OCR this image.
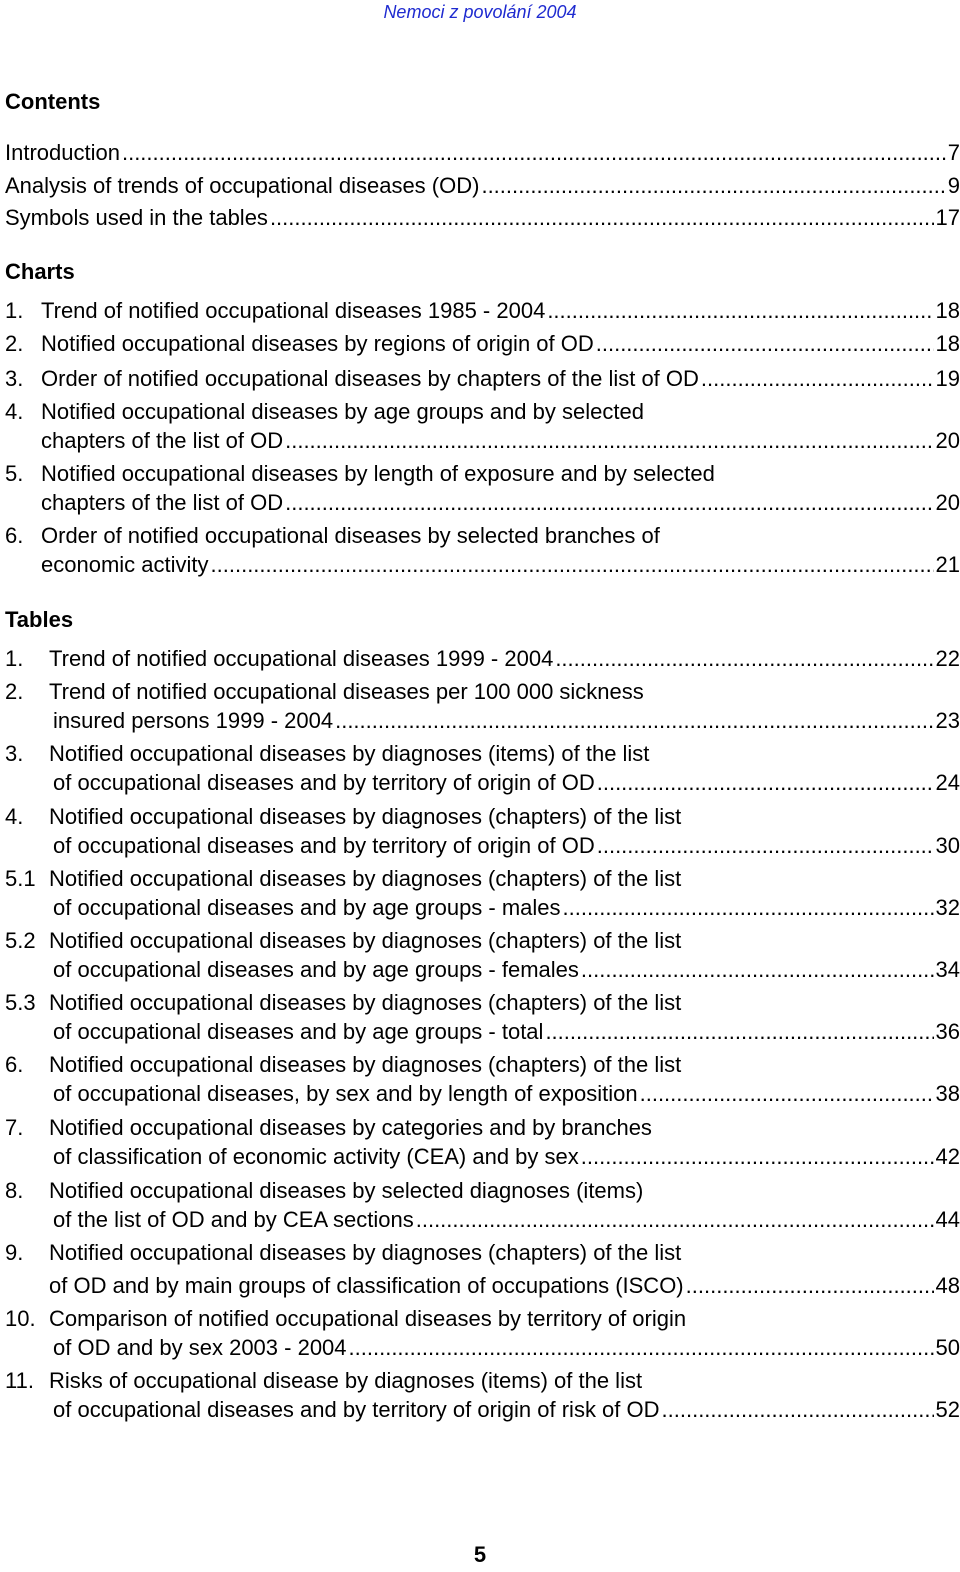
Nemoci z povolání 2004
Contents
Introduction .....	7
Analysis of trends of occupational diseases (OD) .....	9
Symbols used in the tables .....	17
Charts
1. Trend of notified occupational diseases 1985 - 2004 .....	18
2. Notified occupational diseases by regions of origin of OD .....	18
3. Order of notified occupational diseases by chapters of the list of OD .....	19
4. Notified occupational diseases by age groups and by selected
chapters of the list of OD .....	20
5. Notified occupational diseases by length of exposure and by selected
chapters of the list of OD .....	20
6. Order of notified occupational diseases by selected branches of
economic activity .....	21
Tables
1.	Trend of notified occupational diseases 1999 - 2004 .....	22
2. Trend of notified occupational diseases per 100 000 sickness
insured persons 1999 - 2004 .....	23
3. Notified occupational diseases by diagnoses (items) of the list
of occupational diseases and by territory of origin of OD .....	24
4. Notified occupational diseases by diagnoses (chapters) of the list
of occupational diseases and by territory of origin of OD .....	30
5.1 Notified occupational diseases by diagnoses (chapters) of the list
of occupational diseases and by age groups - males .....	32
5.2 Notified occupational diseases by diagnoses (chapters) of the list
of occupational diseases and by age groups - females .....	34
5.3 Notified occupational diseases by diagnoses (chapters) of the list
of occupational diseases and by age groups - total .....	36
6. Notified occupational diseases by diagnoses (chapters) of the list
of occupational diseases, by sex and by length of exposition .....	38
7. Notified occupational diseases by categories and by branches
of classification of economic activity (CEA) and by sex .....	42
8. Notified occupational diseases by selected diagnoses (items)
of the list of OD and by CEA sections .....	44
9. Notified occupational diseases by diagnoses (chapters) of the list
of OD and by main groups of classification of occupations (ISCO) .....	48
10. Comparison of notified occupational diseases by territory of origin
of OD and by sex 2003 - 2004 .....	50
11. Risks of occupational disease by diagnoses (items) of the list
of occupational diseases and by territory of origin of risk of OD .....	52
5
